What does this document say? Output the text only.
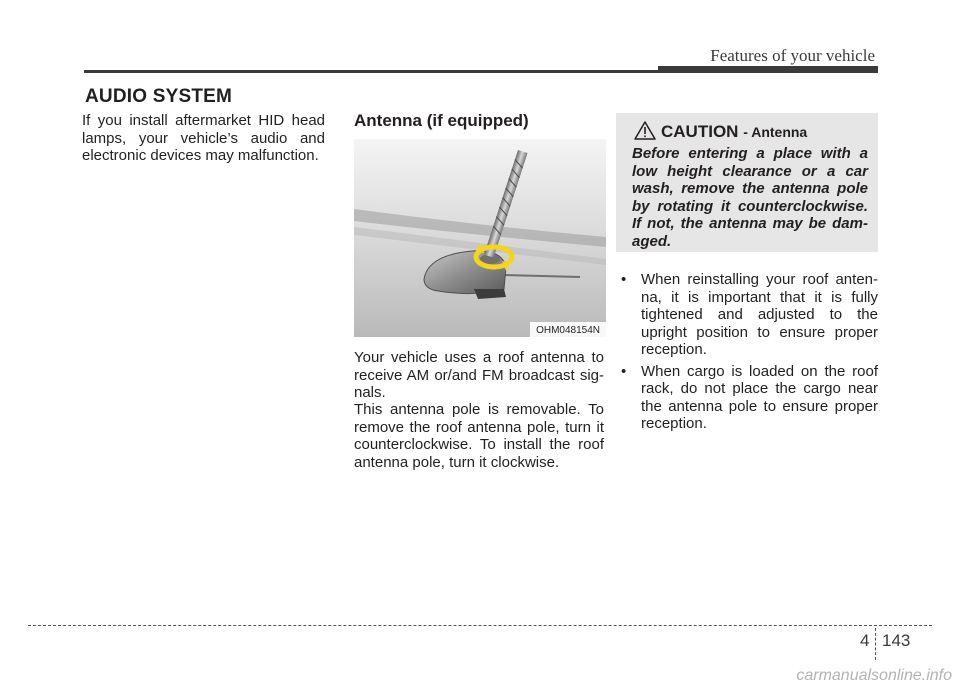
Features of your vehicle
AUDIO SYSTEM
If you install aftermarket HID head lamps, your vehicle’s audio and electronic devices may malfunction.
Antenna (if equipped)
OHM048154N
Your vehicle uses a roof antenna to receive AM or/and FM broadcast signals.
This antenna pole is removable. To remove the roof antenna pole, turn it counterclockwise. To install the roof antenna pole, turn it clockwise.
CAUTION - Antenna
Before entering a place with a low height clearance or a car wash, remove the antenna pole by rotating it counterclockwise. If not, the antenna may be damaged.
• When reinstalling your roof antenna, it is important that it is fully tightened and adjusted to the upright position to ensure proper reception.
• When cargo is loaded on the roof rack, do not place the cargo near the antenna pole to ensure proper reception.
4 143
carmanualsonline.info
